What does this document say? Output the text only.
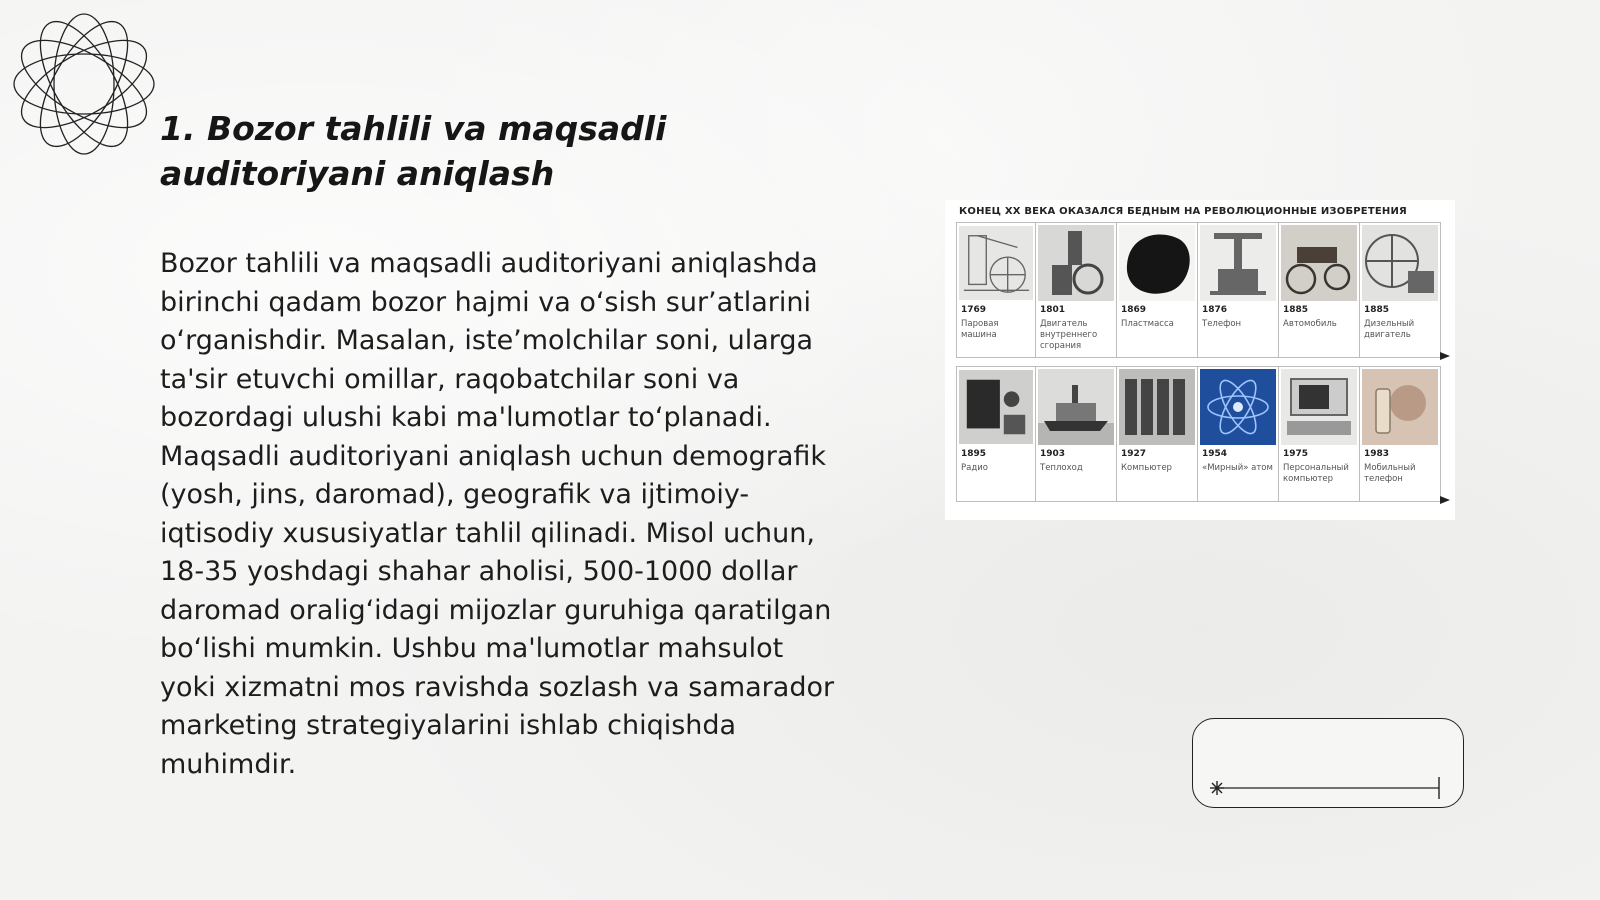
1. Bozor tahlili va maqsadli auditoriyani aniqlash

Bozor tahlili va maqsadli auditoriyani aniqlashda birinchi qadam bozor hajmi va o‘sish sur’atlarini o‘rganishdir. Masalan, iste’molchilar soni, ularga ta'sir etuvchi omillar, raqobatchilar soni va bozordagi ulushi kabi ma'lumotlar to‘planadi. Maqsadli auditoriyani aniqlash uchun demografik (yosh, jins, daromad), geografik va ijtimoiy-iqtisodiy xususiyatlar tahlil qilinadi. Misol uchun, 18-35 yoshdagi shahar aholisi, 500-1000 dollar daromad oralig‘idagi mijozlar guruhiga qaratilgan bo‘lishi mumkin. Ushbu ma'lumotlar mahsulot yoki xizmatni mos ravishda sozlash va samarador marketing strategiyalarini ishlab chiqishda muhimdir.

КОНЕЦ XX ВЕКА ОКАЗАЛСЯ БЕДНЫМ НА РЕВОЛЮЦИОННЫЕ ИЗОБРЕТЕНИЯ
1769
Паровая машина
1801
Двигатель внутреннего сгорания
1869
Пластмасса
1876
Телефон
1885
Автомобиль
1885
Дизельный двигатель
1895
Радио
1903
Теплоход
1927
Компьютер
1954
«Мирный» атом
1975
Персональный компьютер
1983
Мобильный телефон
